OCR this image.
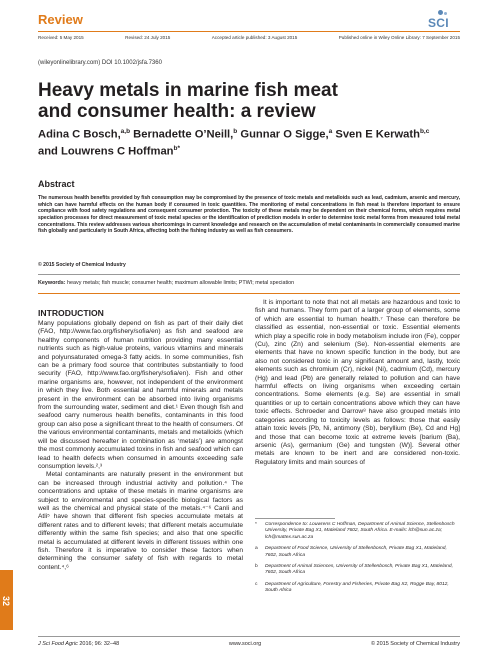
Review	SCI
Received: 5 May 2015	Revised: 24 July 2015	Accepted article published: 3 August 2015	Published online in Wiley Online Library: 7 September 2015
(wileyonlinelibrary.com) DOI 10.1002/jsfa.7360
Heavy metals in marine fish meat
and consumer health: a review
Adina C Bosch,$^{a,b}$ Bernadette O’Neill,$^b$ Gunnar O Sigge,$^a$ Sven E Kerwath$^{b,c}$
and Louwrens C Hoffman$^{b*}$
Abstract

The numerous health benefits provided by fish consumption may be compromised by the presence of toxic metals and metalloids such as lead, cadmium, arsenic and mercury, which can have harmful effects on the human body if consumed in toxic quantities. The monitoring of metal concentrations in fish meat is therefore important to ensure compliance with food safety regulations and consequent consumer protection. The toxicity of these metals may be dependent on their chemical forms, which requires metal speciation processes for direct measurement of toxic metal species or the identification of prediction models in order to determine toxic metal forms from measured total metal concentrations. This review addresses various shortcomings in current knowledge and research on the accumulation of metal contaminants in commercially consumed marine fish globally and particularly in South Africa, affecting both the fishing industry as well as fish consumers.

© 2015 Society of Chemical Industry
Keywords: heavy metals; fish muscle; consumer health; maximum allowable limits; PTWI; metal speciation
INTRODUCTION

Many populations globally depend on fish as part of their daily diet (FAO, http://www.fao.org/fishery/sofia/en) as fish and seafood are healthy components of human nutrition providing many essential nutrients such as high-value proteins, various vitamins and minerals and polyunsaturated omega-3 fatty acids. In some communities, fish can be a primary food source that contributes substantially to food security (FAO, http://www.fao.org/fishery/sofia/en). Fish and other marine organisms are, however, not independent of the environment in which they live. Both essential and harmful minerals and metals present in the environment can be absorbed into living organisms from the surrounding water, sediment and diet.¹ Even though fish and seafood carry numerous health benefits, contaminants in this food group can also pose a significant threat to the health of consumers. Of the various environmental contaminants, metals and metalloids (which will be discussed hereafter in combination as ‘metals’) are amongst the most commonly accumulated toxins in fish and seafood which can lead to health defects when consumed in amounts exceeding safe consumption levels.²,³

Metal contaminants are naturally present in the environment but can be increased through industrial activity and pollution.⁴ The concentrations and uptake of these metals in marine organisms are subject to environmental and species-specific biological factors as well as the chemical and physical state of the metals.⁴⁻⁶ Canli and Atli⁵ have shown that different fish species accumulate metals at different rates and to different levels; that different metals accumulate differently within the same fish species; and also that one specific metal is accumulated at different levels in different tissues within one fish. Therefore it is imperative to consider these factors when determining the consumer safety of fish with regards to metal content.⁴,⁶

It is important to note that not all metals are hazardous and toxic to fish and humans. They form part of a larger group of elements, some of which are essential to human health.⁷ These can therefore be classified as essential, non-essential or toxic. Essential elements which play a specific role in body metabolism include iron (Fe), copper (Cu), zinc (Zn) and selenium (Se). Non-essential elements are elements that have no known specific function in the body, but are also not considered toxic in any significant amount and, lastly, toxic elements such as chromium (Cr), nickel (Ni), cadmium (Cd), mercury (Hg) and lead (Pb) are generally related to pollution and can have harmful effects on living organisms when exceeding certain concentrations. Some elements (e.g. Se) are essential in small quantities or up to certain concentrations above which they can have toxic effects. Schroeder and Darrow⁸ have also grouped metals into categories according to toxicity levels as follows: those that easily attain toxic levels [Pb, Ni, antimony (Sb), beryllium (Be), Cd and Hg] and those that can become toxic at extreme levels [barium (Ba), arsenic (As), germanium (Ge) and tungsten (W)]. Several other metals are known to be inert and are considered non-toxic. Regulatory limits and main sources of

*	Correspondence to: Louwrens C Hoffman, Department of Animal Science, Stellenbosch University, Private Bag X1, Matieland 7602, South Africa. E-mails: lch@sun.ac.za; lch@mattex.sun.ac.za
a	Department of Food Science, University of Stellenbosch, Private Bag X1, Matieland, 7602, South Africa
b	Department of Animal Sciences, University of Stellenbosch, Private Bag X1, Matieland, 7602, South Africa
c	Department of Agriculture, Forestry and Fisheries, Private Bag X2, Rogge Bay, 8012, South Africa
32
J Sci Food Agric 2016; 96: 32–48	www.soci.org	© 2015 Society of Chemical Industry
